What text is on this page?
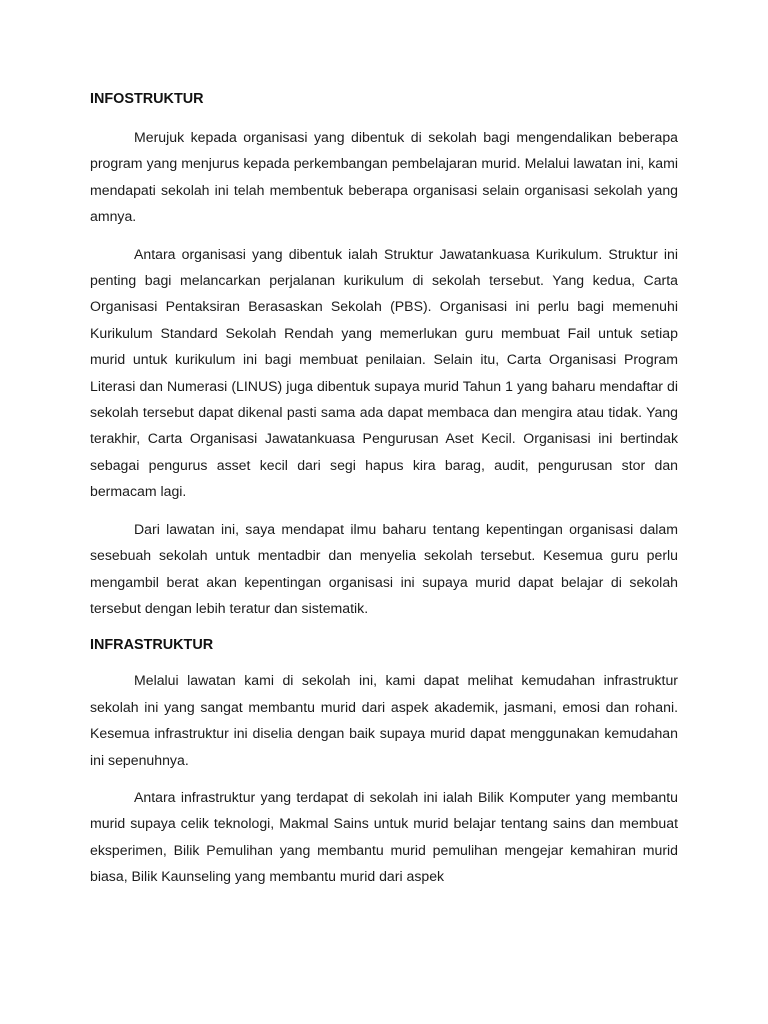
INFOSTRUKTUR

Merujuk kepada organisasi yang dibentuk di sekolah bagi mengendalikan beberapa program yang menjurus kepada perkembangan pembelajaran murid. Melalui lawatan ini, kami mendapati sekolah ini telah membentuk beberapa organisasi selain organisasi sekolah yang amnya.

Antara organisasi yang dibentuk ialah Struktur Jawatankuasa Kurikulum. Struktur ini penting bagi melancarkan perjalanan kurikulum di sekolah tersebut. Yang kedua, Carta Organisasi Pentaksiran Berasaskan Sekolah (PBS). Organisasi ini perlu bagi memenuhi Kurikulum Standard Sekolah Rendah yang memerlukan guru membuat Fail untuk setiap murid untuk kurikulum ini bagi membuat penilaian. Selain itu, Carta Organisasi Program Literasi dan Numerasi (LINUS) juga dibentuk supaya murid Tahun 1 yang baharu mendaftar di sekolah tersebut dapat dikenal pasti sama ada dapat membaca dan mengira atau tidak. Yang terakhir, Carta Organisasi Jawatankuasa Pengurusan Aset Kecil. Organisasi ini bertindak sebagai pengurus asset kecil dari segi hapus kira barag, audit, pengurusan stor dan bermacam lagi.

Dari lawatan ini, saya mendapat ilmu baharu tentang kepentingan organisasi dalam sesebuah sekolah untuk mentadbir dan menyelia sekolah tersebut. Kesemua guru perlu mengambil berat akan kepentingan organisasi ini supaya murid dapat belajar di sekolah tersebut dengan lebih teratur dan sistematik.

INFRASTRUKTUR

Melalui lawatan kami di sekolah ini, kami dapat melihat kemudahan infrastruktur sekolah ini yang sangat membantu murid dari aspek akademik, jasmani, emosi dan rohani. Kesemua infrastruktur ini diselia dengan baik supaya murid dapat menggunakan kemudahan ini sepenuhnya.

Antara infrastruktur yang terdapat di sekolah ini ialah Bilik Komputer yang membantu murid supaya celik teknologi, Makmal Sains untuk murid belajar tentang sains dan membuat eksperimen, Bilik Pemulihan yang membantu murid pemulihan mengejar kemahiran murid biasa, Bilik Kaunseling yang membantu murid dari aspek
